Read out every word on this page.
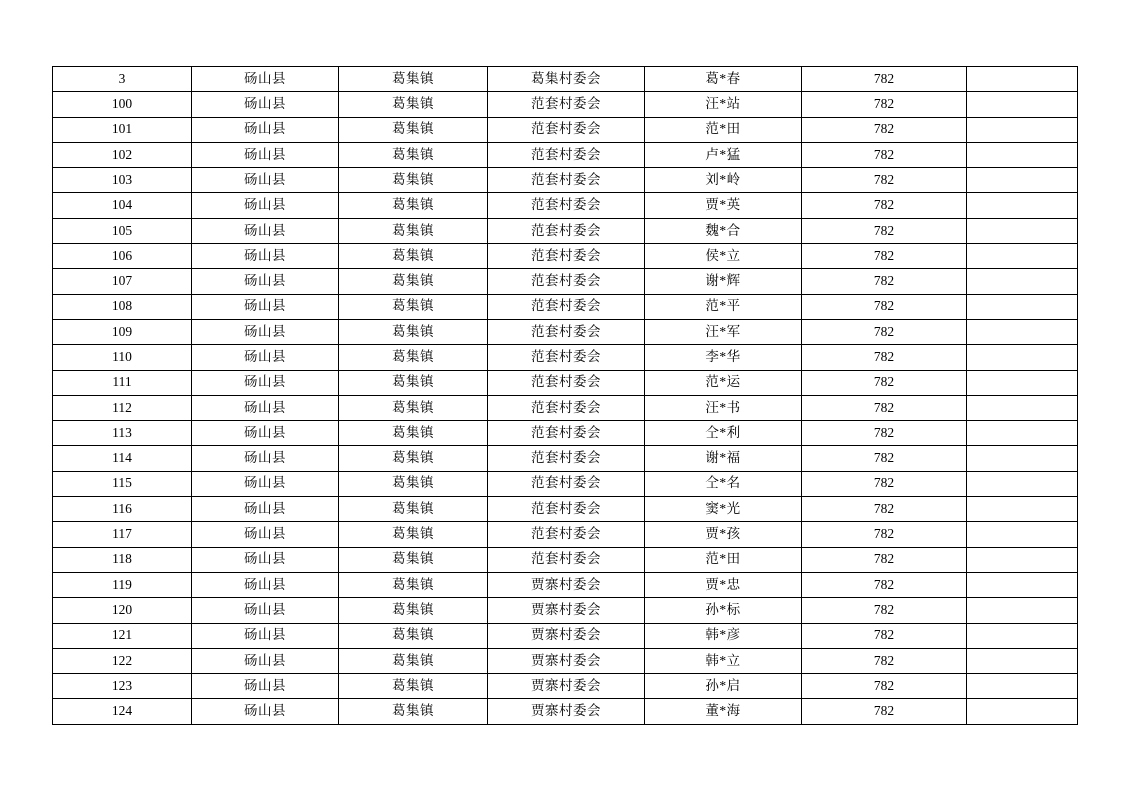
3	砀山县	葛集镇	葛集村委会	葛*春	782	
100	砀山县	葛集镇	范套村委会	汪*站	782	
101	砀山县	葛集镇	范套村委会	范*田	782	
102	砀山县	葛集镇	范套村委会	卢*猛	782	
103	砀山县	葛集镇	范套村委会	刘*岭	782	
104	砀山县	葛集镇	范套村委会	贾*英	782	
105	砀山县	葛集镇	范套村委会	魏*合	782	
106	砀山县	葛集镇	范套村委会	侯*立	782	
107	砀山县	葛集镇	范套村委会	谢*辉	782	
108	砀山县	葛集镇	范套村委会	范*平	782	
109	砀山县	葛集镇	范套村委会	汪*军	782	
110	砀山县	葛集镇	范套村委会	李*华	782	
111	砀山县	葛集镇	范套村委会	范*运	782	
112	砀山县	葛集镇	范套村委会	汪*书	782	
113	砀山县	葛集镇	范套村委会	仝*利	782	
114	砀山县	葛集镇	范套村委会	谢*福	782	
115	砀山县	葛集镇	范套村委会	仝*名	782	
116	砀山县	葛集镇	范套村委会	窦*光	782	
117	砀山县	葛集镇	范套村委会	贾*孩	782	
118	砀山县	葛集镇	范套村委会	范*田	782	
119	砀山县	葛集镇	贾寨村委会	贾*忠	782	
120	砀山县	葛集镇	贾寨村委会	孙*标	782	
121	砀山县	葛集镇	贾寨村委会	韩*彦	782	
122	砀山县	葛集镇	贾寨村委会	韩*立	782	
123	砀山县	葛集镇	贾寨村委会	孙*启	782	
124	砀山县	葛集镇	贾寨村委会	董*海	782	
